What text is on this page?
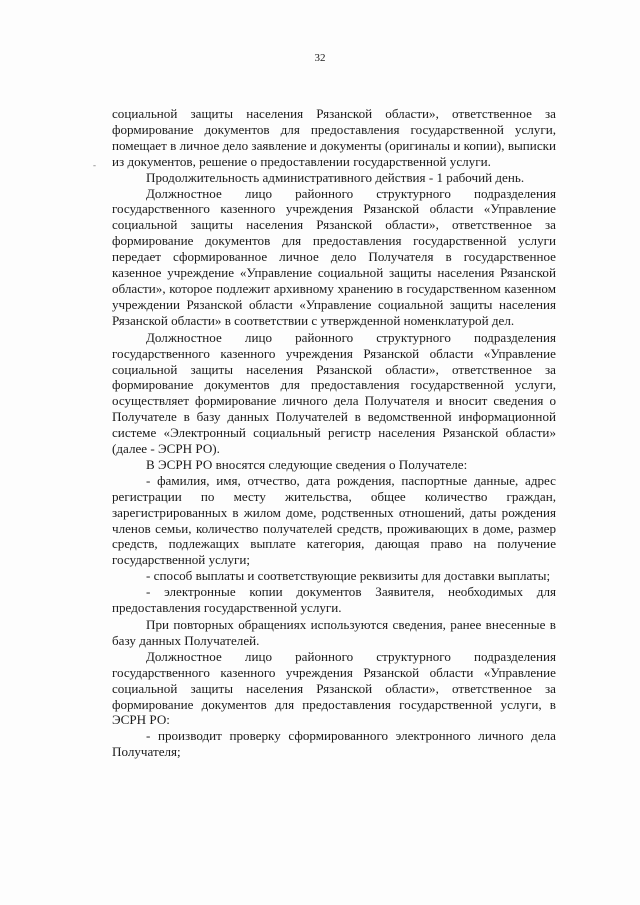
32
-

социальной защиты населения Рязанской области», ответственное за формирование документов для предоставления государственной услуги, помещает в личное дело заявление и документы (оригиналы и копии), выписки из документов, решение о предоставлении государственной услуги.

Продолжительность административного действия - 1 рабочий день.

Должностное лицо районного структурного подразделения государственного казенного учреждения Рязанской области «Управление социальной защиты населения Рязанской области», ответственное за формирование документов для предоставления государственной услуги передает сформированное личное дело Получателя в государственное казенное учреждение «Управление социальной защиты населения Рязанской области», которое подлежит архивному хранению в государственном казенном учреждении Рязанской области «Управление социальной защиты населения Рязанской области» в соответствии с утвержденной номенклатурой дел.

Должностное лицо районного структурного подразделения государственного казенного учреждения Рязанской области «Управление социальной защиты населения Рязанской области», ответственное за формирование документов для предоставления государственной услуги, осуществляет формирование личного дела Получателя и вносит сведения о Получателе в базу данных Получателей в ведомственной информационной системе «Электронный социальный регистр населения Рязанской области» (далее - ЭСРН РО).

В ЭСРН РО вносятся следующие сведения о Получателе:

- фамилия, имя, отчество, дата рождения, паспортные данные, адрес регистрации по месту жительства, общее количество граждан, зарегистрированных в жилом доме, родственных отношений, даты рождения членов семьи, количество получателей средств, проживающих в доме, размер средств, подлежащих выплате категория, дающая право на получение государственной услуги;

- способ выплаты и соответствующие реквизиты для доставки выплаты;

- электронные копии документов Заявителя, необходимых для предоставления государственной услуги.

При повторных обращениях используются сведения, ранее внесенные в базу данных Получателей.

Должностное лицо районного структурного подразделения государственного казенного учреждения Рязанской области «Управление социальной защиты населения Рязанской области», ответственное за формирование документов для предоставления государственной услуги, в ЭСРН РО:

- производит проверку сформированного электронного личного дела Получателя;
